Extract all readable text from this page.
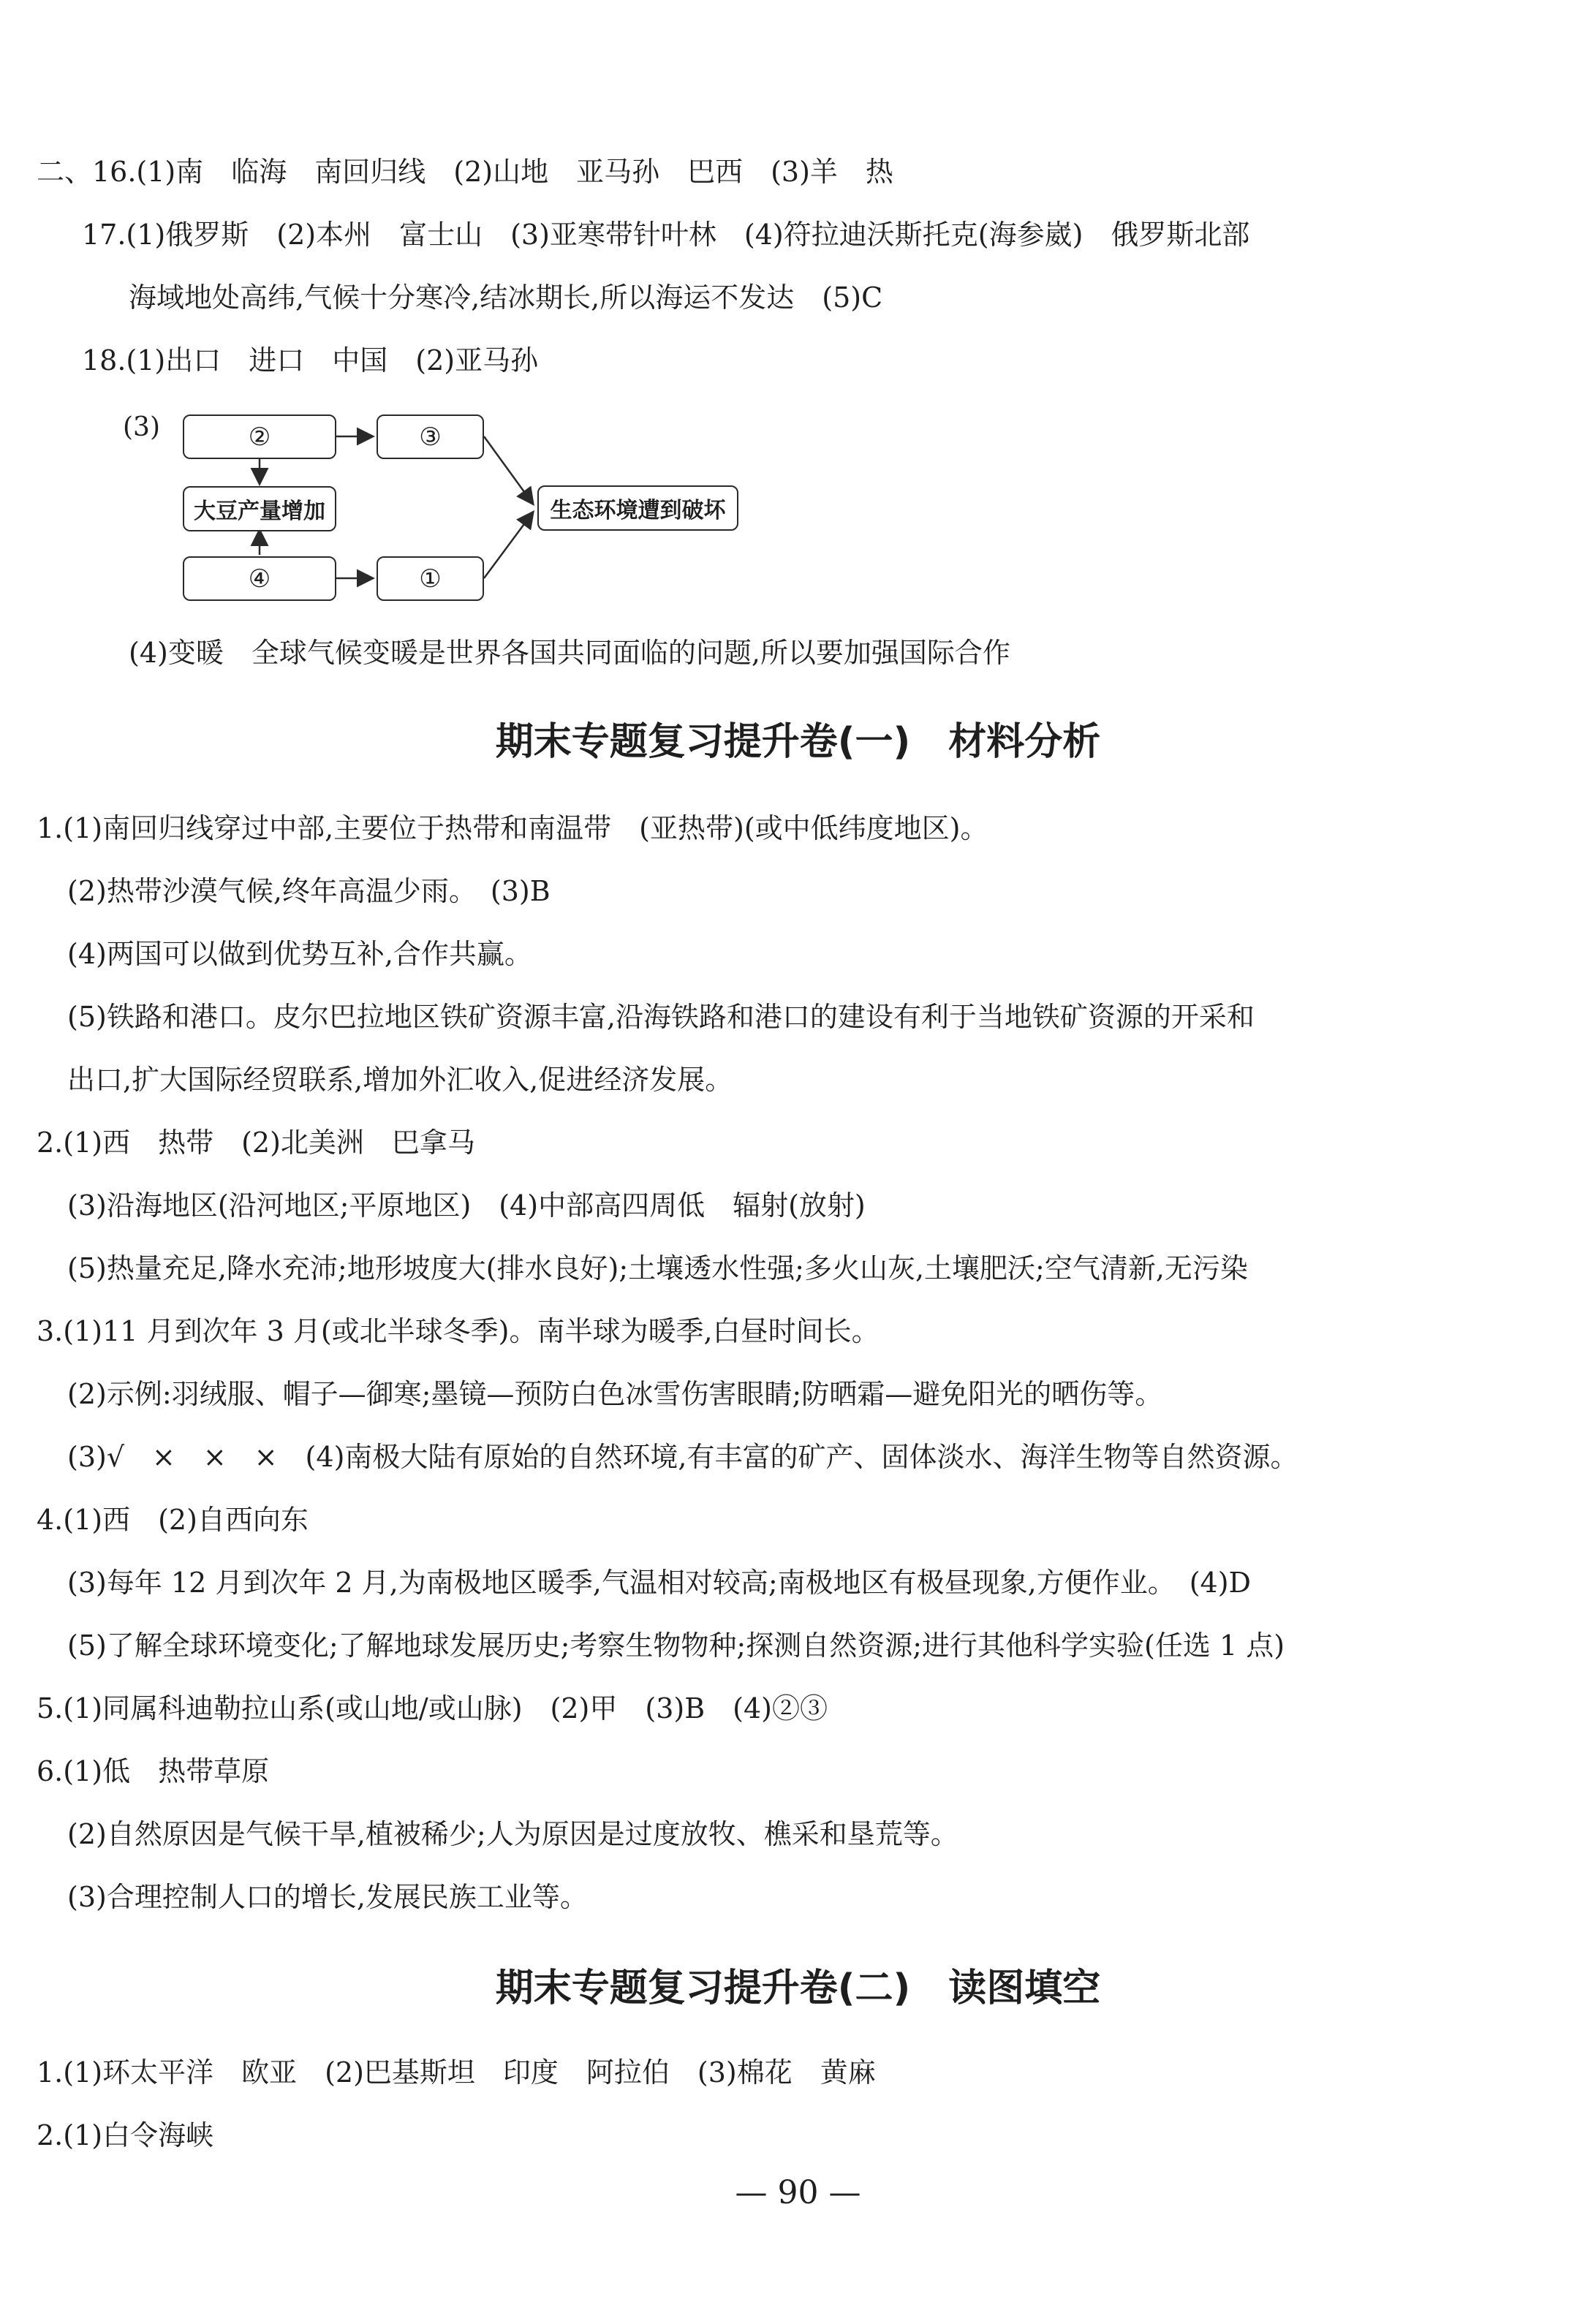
二、16.(1)南　临海　南回归线　(2)山地　亚马孙　巴西　(3)羊　热
17.(1)俄罗斯　(2)本州　富士山　(3)亚寒带针叶林　(4)符拉迪沃斯托克(海参崴)　俄罗斯北部
海域地处高纬,气候十分寒冷,结冰期长,所以海运不发达　(5)C
18.(1)出口　进口　中国　(2)亚马孙
(3)	②	③
大豆产量增加	生态环境遭到破坏
④	①
(4)变暖　全球气候变暖是世界各国共同面临的问题,所以要加强国际合作
期末专题复习提升卷(一)　材料分析
1.(1)南回归线穿过中部,主要位于热带和南温带　(亚热带)(或中低纬度地区)。
(2)热带沙漠气候,终年高温少雨。　(3)B
(4)两国可以做到优势互补,合作共赢。
(5)铁路和港口。皮尔巴拉地区铁矿资源丰富,沿海铁路和港口的建设有利于当地铁矿资源的开采和
出口,扩大国际经贸联系,增加外汇收入,促进经济发展。
2.(1)西　热带　(2)北美洲　巴拿马
(3)沿海地区(沿河地区;平原地区)　(4)中部高四周低　辐射(放射)
(5)热量充足,降水充沛;地形坡度大(排水良好);土壤透水性强;多火山灰,土壤肥沃;空气清新,无污染
3.(1)11 月到次年 3 月(或北半球冬季)。南半球为暖季,白昼时间长。
(2)示例:羽绒服、帽子—御寒;墨镜—预防白色冰雪伤害眼睛;防晒霜—避免阳光的晒伤等。
(3)√　×　×　×　(4)南极大陆有原始的自然环境,有丰富的矿产、固体淡水、海洋生物等自然资源。
4.(1)西　(2)自西向东
(3)每年 12 月到次年 2 月,为南极地区暖季,气温相对较高;南极地区有极昼现象,方便作业。　(4)D
(5)了解全球环境变化;了解地球发展历史;考察生物物种;探测自然资源;进行其他科学实验(任选 1 点)
5.(1)同属科迪勒拉山系(或山地/或山脉)　(2)甲　(3)B　(4)②③
6.(1)低　热带草原
(2)自然原因是气候干旱,植被稀少;人为原因是过度放牧、樵采和垦荒等。
(3)合理控制人口的增长,发展民族工业等。
期末专题复习提升卷(二)　读图填空
1.(1)环太平洋　欧亚　(2)巴基斯坦　印度　阿拉伯　(3)棉花　黄麻
2.(1)白令海峡
— 90 —
